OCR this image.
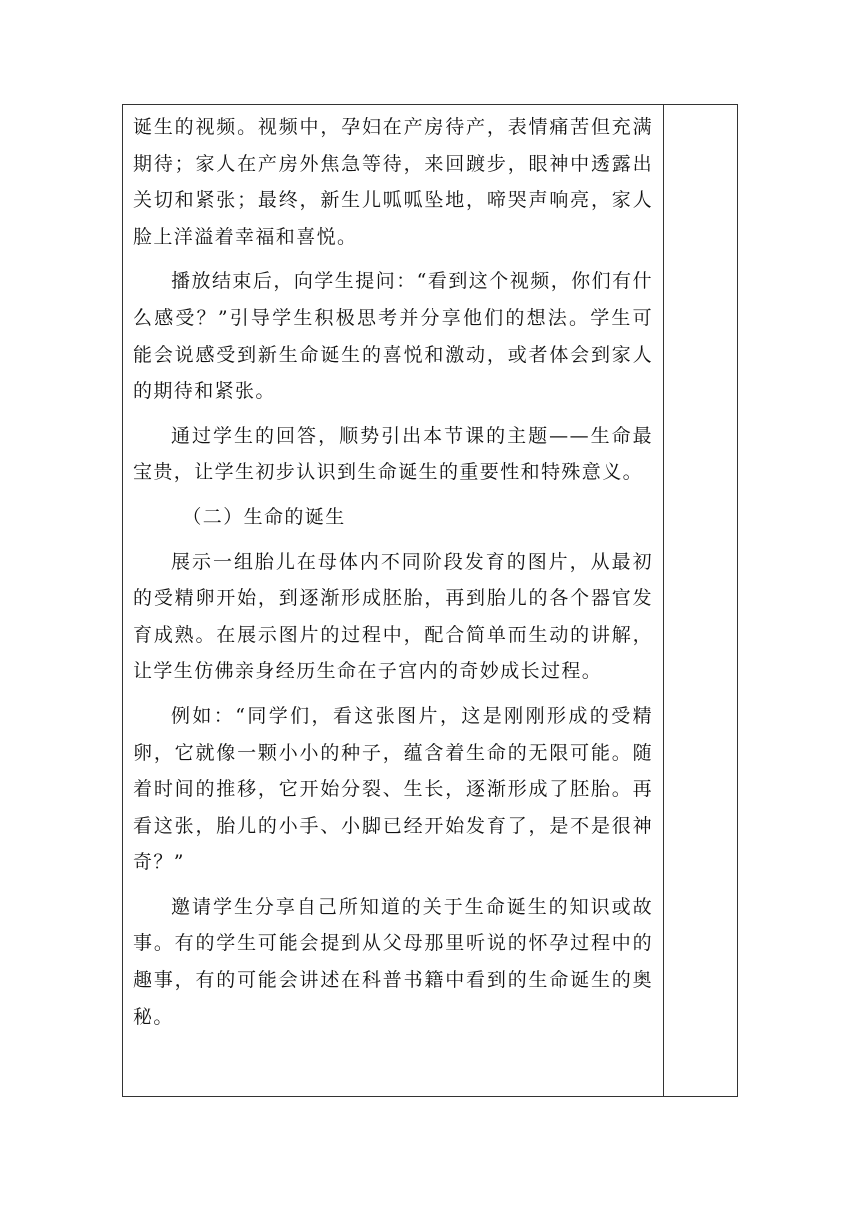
诞生的视频。视频中，孕妇在产房待产，表情痛苦但充满期待；家人在产房外焦急等待，来回踱步，眼神中透露出关切和紧张；最终，新生儿呱呱坠地，啼哭声响亮，家人脸上洋溢着幸福和喜悦。

播放结束后，向学生提问：“看到这个视频，你们有什么感受？”引导学生积极思考并分享他们的想法。学生可能会说感受到新生命诞生的喜悦和激动，或者体会到家人的期待和紧张。

通过学生的回答，顺势引出本节课的主题——生命最宝贵，让学生初步认识到生命诞生的重要性和特殊意义。

（二）生命的诞生

展示一组胎儿在母体内不同阶段发育的图片，从最初的受精卵开始，到逐渐形成胚胎，再到胎儿的各个器官发育成熟。在展示图片的过程中，配合简单而生动的讲解，让学生仿佛亲身经历生命在子宫内的奇妙成长过程。

例如：“同学们，看这张图片，这是刚刚形成的受精卵，它就像一颗小小的种子，蕴含着生命的无限可能。随着时间的推移，它开始分裂、生长，逐渐形成了胚胎。再看这张，胎儿的小手、小脚已经开始发育了，是不是很神奇？”

邀请学生分享自己所知道的关于生命诞生的知识或故事。有的学生可能会提到从父母那里听说的怀孕过程中的趣事，有的可能会讲述在科普书籍中看到的生命诞生的奥秘。
